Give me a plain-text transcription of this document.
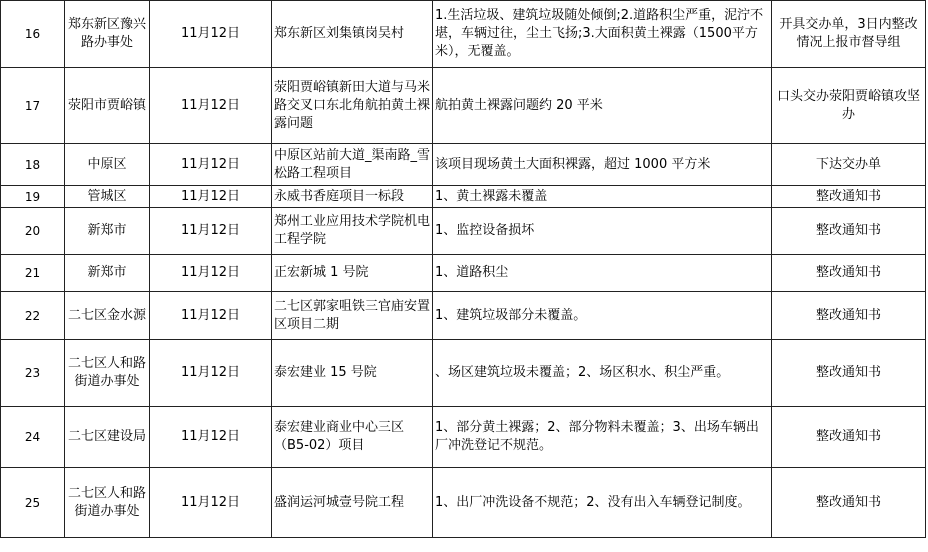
16	郑东新区豫兴路办事处	11月12日	郑东新区刘集镇岗吴村	1.生活垃圾、建筑垃圾随处倾倒;2.道路积尘严重，泥泞不堪，车辆过往，尘土飞扬;3.大面积黄土裸露（1500平方米），无覆盖。	开具交办单，3日内整改情况上报市督导组
17	荥阳市贾峪镇	11月12日	荥阳贾峪镇新田大道与马米路交叉口东北角航拍黄土裸露问题	航拍黄土裸露问题约 20 平米	口头交办荥阳贾峪镇攻坚办
18	中原区	11月12日	中原区站前大道_渠南路_雪松路工程项目	该项目现场黄土大面积裸露，超过 1000 平方米	下达交办单
19	管城区	11月12日	永威书香庭项目一标段	1、黄土裸露未覆盖	整改通知书
20	新郑市	11月12日	郑州工业应用技术学院机电工程学院	1、监控设备损坏	整改通知书
21	新郑市	11月12日	正宏新城 1 号院	1、道路积尘	整改通知书
22	二七区金水源	11月12日	二七区郭家咀铁三官庙安置区项目二期	1、建筑垃圾部分未覆盖。	整改通知书
23	二七区人和路街道办事处	11月12日	泰宏建业 15 号院	、场区建筑垃圾未覆盖；2、场区积水、积尘严重。	整改通知书
24	二七区建设局	11月12日	泰宏建业商业中心三区（B5-02）项目	1、部分黄土裸露；2、部分物料未覆盖；3、出场车辆出厂冲洗登记不规范。	整改通知书
25	二七区人和路街道办事处	11月12日	盛润运河城壹号院工程	1、出厂冲洗设备不规范；2、没有出入车辆登记制度。	整改通知书
